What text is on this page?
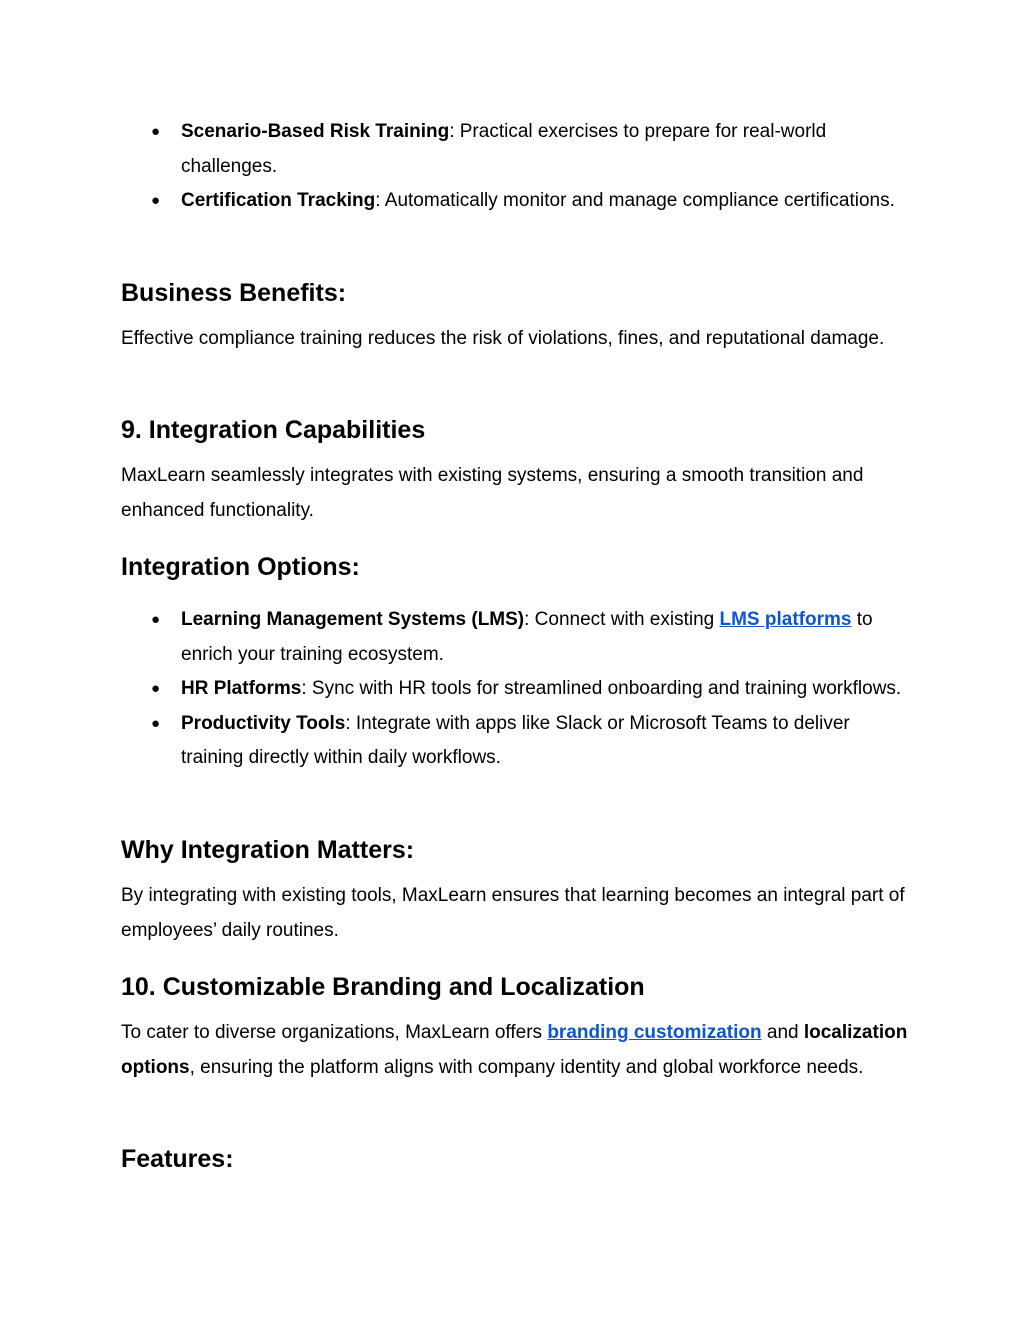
● Scenario-Based Risk Training: Practical exercises to prepare for real-world challenges.
● Certification Tracking: Automatically monitor and manage compliance certifications.
Business Benefits:

Effective compliance training reduces the risk of violations, fines, and reputational damage.

9. Integration Capabilities

MaxLearn seamlessly integrates with existing systems, ensuring a smooth transition and enhanced functionality.

Integration Options:
● Learning Management Systems (LMS): Connect with existing LMS platforms to enrich your training ecosystem.
● HR Platforms: Sync with HR tools for streamlined onboarding and training workflows.
● Productivity Tools: Integrate with apps like Slack or Microsoft Teams to deliver training directly within daily workflows.
Why Integration Matters:

By integrating with existing tools, MaxLearn ensures that learning becomes an integral part of employees’ daily routines.

10. Customizable Branding and Localization

To cater to diverse organizations, MaxLearn offers branding customization and localization options, ensuring the platform aligns with company identity and global workforce needs.

Features:
